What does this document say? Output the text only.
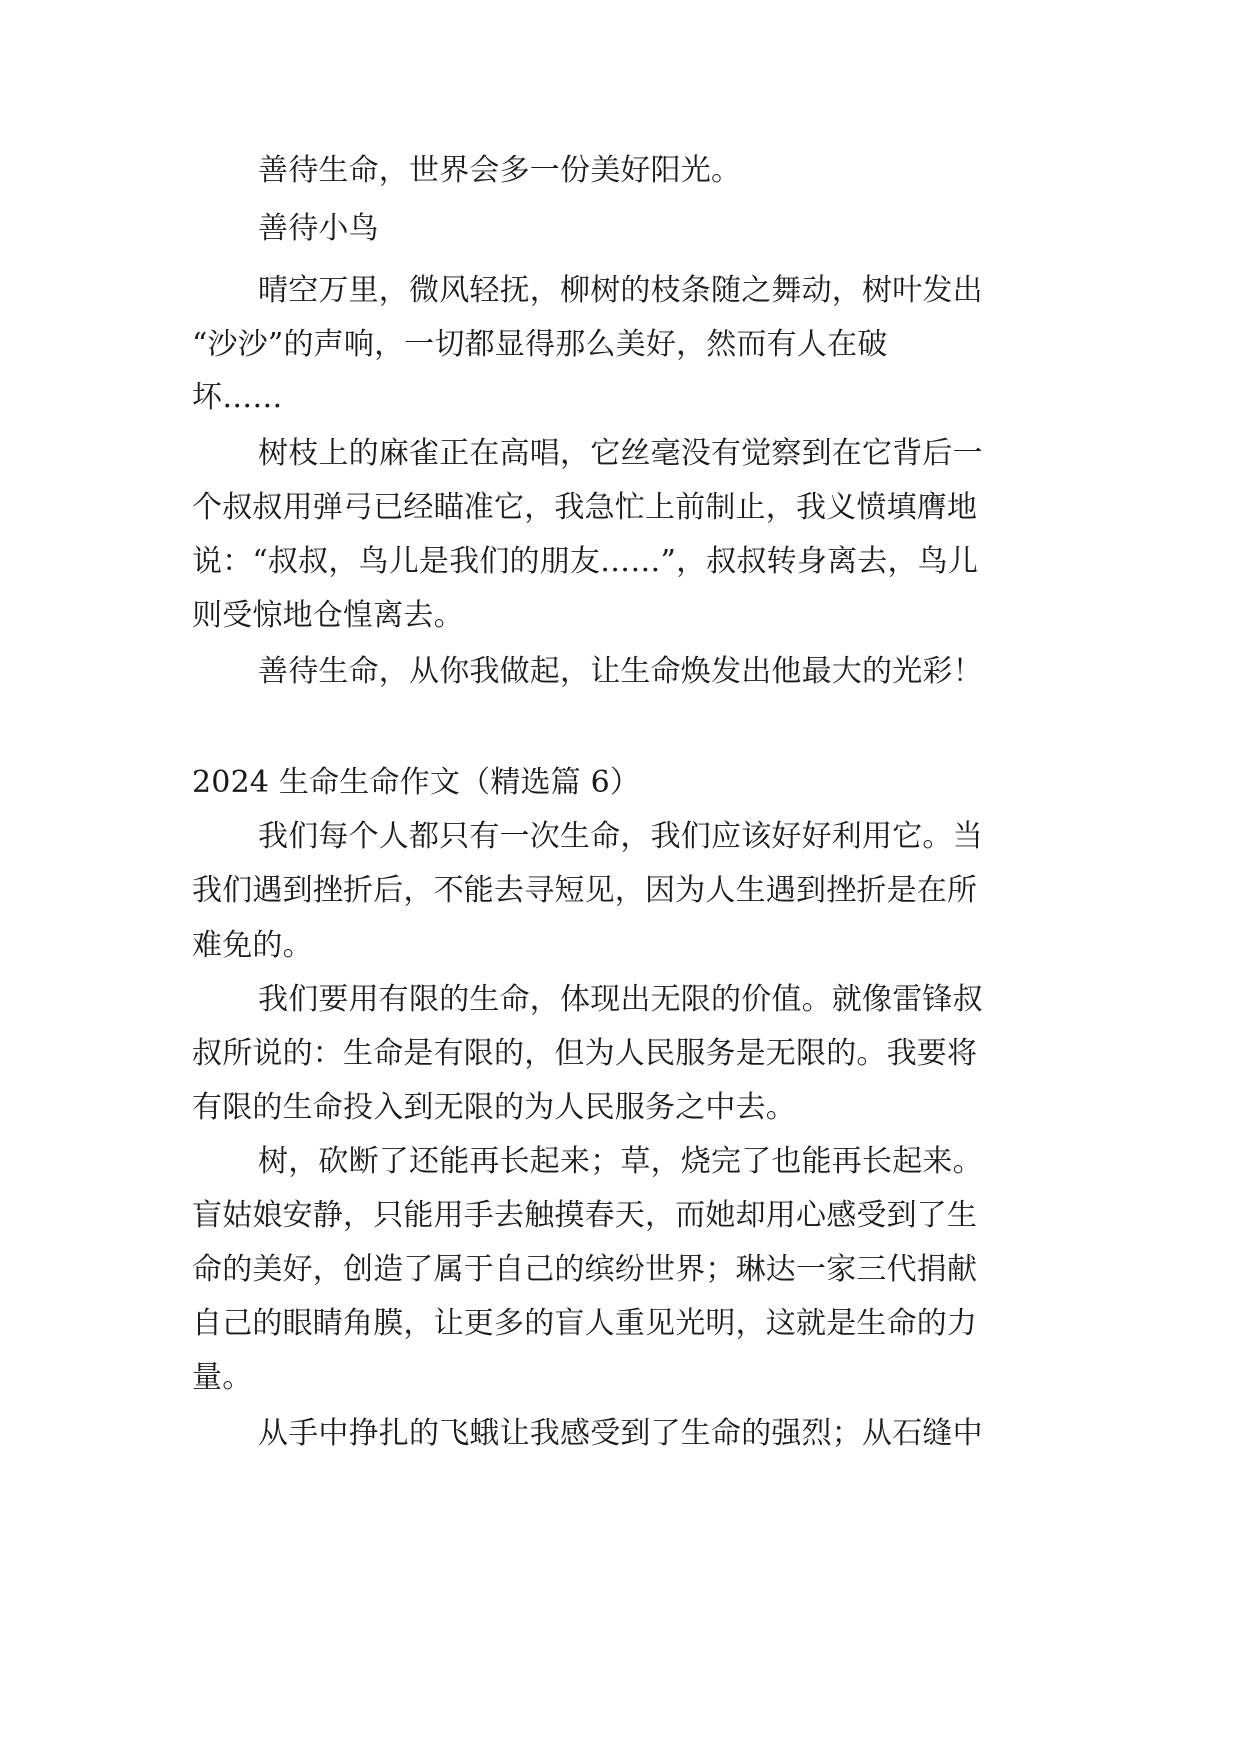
善待生命，世界会多一份美好阳光。
善待小鸟
晴空万里，微风轻抚，柳树的枝条随之舞动，树叶发出
“沙沙”的声响，一切都显得那么美好，然而有人在破
坏……
树枝上的麻雀正在高唱，它丝毫没有觉察到在它背后一
个叔叔用弹弓已经瞄准它，我急忙上前制止，我义愤填膺地
说：“叔叔，鸟儿是我们的朋友……”，叔叔转身离去，鸟儿
则受惊地仓惶离去。
善待生命，从你我做起，让生命焕发出他最大的光彩！
2024 生命生命作文（精选篇 6）
我们每个人都只有一次生命，我们应该好好利用它。当
我们遇到挫折后，不能去寻短见，因为人生遇到挫折是在所
难免的。
我们要用有限的生命，体现出无限的价值。就像雷锋叔
叔所说的：生命是有限的，但为人民服务是无限的。我要将
有限的生命投入到无限的为人民服务之中去。
树，砍断了还能再长起来；草，烧完了也能再长起来。
盲姑娘安静，只能用手去触摸春天，而她却用心感受到了生
命的美好，创造了属于自己的缤纷世界；琳达一家三代捐献
自己的眼睛角膜，让更多的盲人重见光明，这就是生命的力
量。
从手中挣扎的飞蛾让我感受到了生命的强烈；从石缝中
